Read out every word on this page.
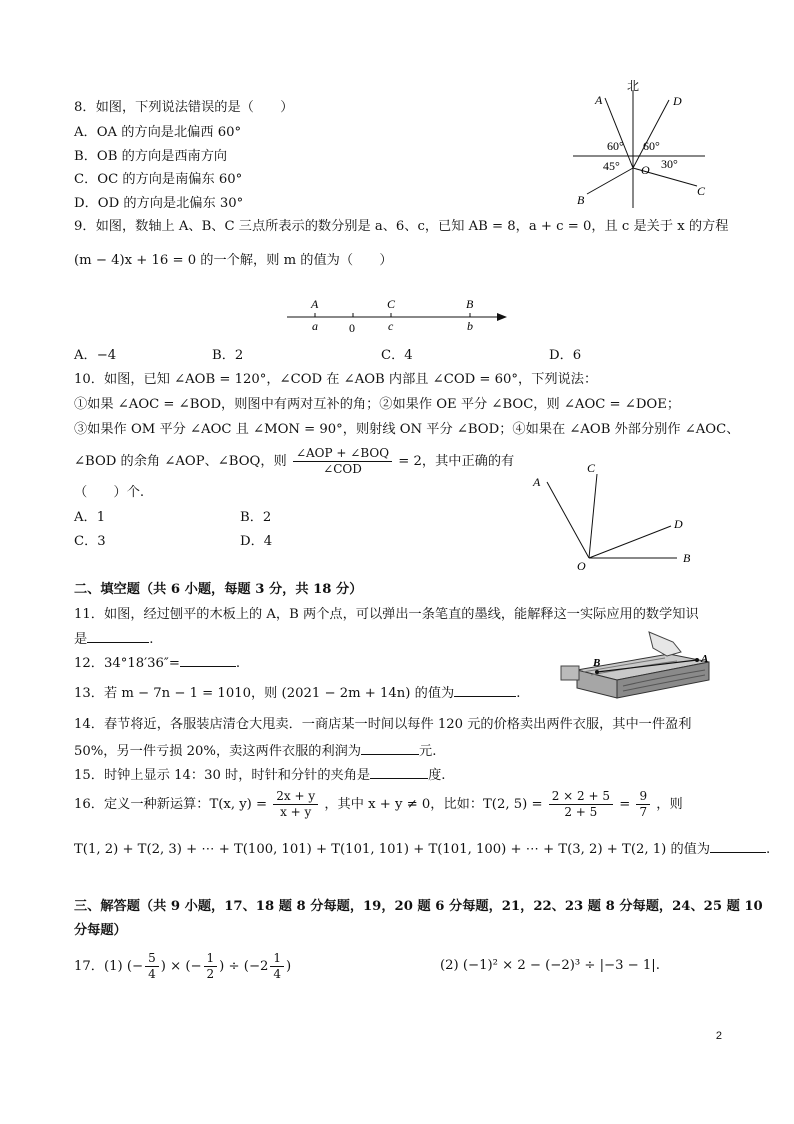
8．如图，下列说法错误的是（　　）
A．OA 的方向是北偏西 60°
B．OB 的方向是西南方向
C．OC 的方向是南偏东 60°
D．OD 的方向是北偏东 30°
北
A	D
B
C
O
60° 60°
45°	30°
9．如图，数轴上 A、B、C 三点所表示的数分别是 a、6、c，已知 AB = 8，a + c = 0，且 c 是关于 x 的方程
(m − 4)x + 16 = 0 的一个解，则 m 的值为（　　）
A	C	B
a	0	c	b
A．−4	B．2	C．4	D．6
10．如图，已知 ∠AOB = 120°，∠COD 在 ∠AOB 内部且 ∠COD = 60°，下列说法：
①如果 ∠AOC = ∠BOD，则图中有两对互补的角；②如果作 OE 平分 ∠BOC，则 ∠AOC = ∠DOE；
③如果作 OM 平分 ∠AOC 且 ∠MON = 90°，则射线 ON 平分 ∠BOD；④如果在 ∠AOB 外部分别作 ∠AOC、
∠BOD 的余角 ∠AOP、∠BOQ，则 $\frac{\text{∠AOP + ∠BOQ}}{\text{∠COD}} = 2$，其中正确的有
（　　）个.
A．1	B．2
C．3	D．4
A
C
D
B
O
二、填空题（共 6 小题，每题 3 分，共 18 分）
11．如图，经过刨平的木板上的 A，B 两个点，可以弹出一条笔直的墨线，能解释这一实际应用的数学知识
是	.
B	A
12．34°18′36″=	.
13．若 m − 7n − 1 = 1010，则 (2021 − 2m + 14n) 的值为	.
14．春节将近，各服装店清仓大甩卖．一商店某一时间以每件 120 元的价格卖出两件衣服，其中一件盈利
50%，另一件亏损 20%，卖这两件衣服的利润为	元.
15．时钟上显示 14：30 时，时针和分针的夹角是	度.
16．定义一种新运算：T(x, $y) = \frac{2x + y}{x + y}$ ，其中 x + y ≠ 0，比如：T(2, $5) = \frac{2 \times 2 + 5}{2 + 5} = \frac{9}{7}$ ，则
T(1, 2) + T(2, 3) + ⋯ + T(100, 101) + T(101, 101) + T(101, 100) + ⋯ + T(3, 2) + T(2, 1) 的值为	.
三、解答题（共 9 小题，17、18 题 8 分每题，19，20 题 6 分每题，21，22、23 题 8 分每题，24、25 题 10
分每题）
17．(1) (− $\frac{5}{4}$ ) × (− $\frac{1}{2}$ ) ÷ ($-2 \frac{1}{4}$ )	(2) (−1)² × 2 − (−2)³ ÷ |−3 − 1|.
2
